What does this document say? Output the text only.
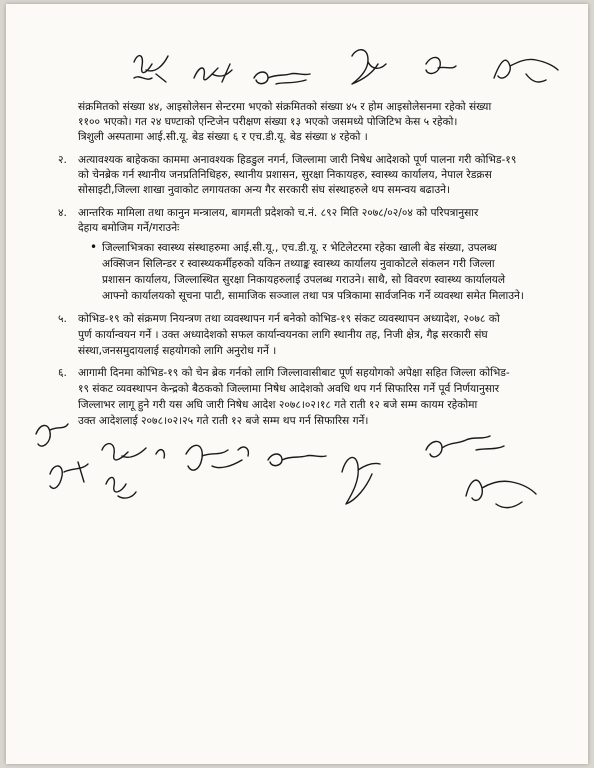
संक्रमितको संख्या ४४, आइसोलेसन सेन्टरमा भएको संक्रमितको संख्या ४५ र होम आइसोलेसनमा रहेको संख्या
११०० भएको। गत २४ घण्टाको एन्टिजेन परीक्षण संख्या १३ भएको जसमध्ये पोजिटिभ केस ५ रहेको।
त्रिशुली अस्पतामा आई.सी.यू. बेड संख्या ६ र एच.डी.यू. बेड संख्या ४ रहेको ।
२. अत्यावश्यक बाहेकका काममा अनावश्यक हिडडुल नगर्न, जिल्लामा जारी निषेध आदेशको पूर्ण पालना गरी कोभिड-१९
को चेनब्रेक गर्न स्थानीय जनप्रतिनिधिहरु, स्थानीय प्रशासन, सुरक्षा निकायहरु, स्वास्थ्य कार्यालय, नेपाल रेडक्रस
सोसाइटी,जिल्ला शाखा नुवाकोट लगायतका अन्य गैर सरकारी संघ संस्थाहरुले थप समन्वय बढाउने।
४. आन्तरिक मामिला तथा कानुन मन्त्रालय, बागमती प्रदेशको च.नं. ८९२ मिति २०७८/०२/०४ को परिपत्रानुसार
देहाय बमोजिम गर्ने/गराउनेः
• जिल्लाभित्रका स्वास्थ्य संस्थाहरुमा आई.सी.यू., एच.डी.यू. र भेटिलेटरमा रहेका खाली बेड संख्या, उपलब्ध
अक्सिजन सिलिन्डर र स्वास्थ्यकर्मीहरुको यकिन तथ्याङ्क स्वास्थ्य कार्यालय नुवाकोटले संकलन गरी जिल्ला
प्रशासन कार्यालय, जिल्लास्थित सुरक्षा निकायहरुलाई उपलब्ध गराउने। साथै, सो विवरण स्वास्थ्य कार्यालयले
आफ्नो कार्यालयको सूचना पाटी, सामाजिक सञ्जाल तथा पत्र पत्रिकामा सार्वजनिक गर्ने व्यवस्था समेत मिलाउने।
५. कोभिड-१९ को संक्रमण नियन्त्रण तथा व्यवस्थापन गर्न बनेको कोभिड-१९ संकट व्यवस्थापन अध्यादेश, २०७८ को
पुर्ण कार्यान्वयन गर्ने । उक्त अध्यादेशको सफल कार्यान्वयनका लागि स्थानीय तह, निजी क्षेत्र, गैह्र सरकारी संघ
संस्था,जनसमुदायलाई सहयोगको लागि अनुरोध गर्ने ।
६. आगामी दिनमा कोभिड-१९ को चेन ब्रेक गर्नको लागि जिल्लावासीबाट पूर्ण सहयोगको अपेक्षा सहित जिल्ला कोभिड-
१९ संकट व्यवस्थापन केन्द्रको बैठकको जिल्लामा निषेध आदेशको अवधि थप गर्न सिफारिस गर्ने पूर्व निर्णयानुसार
जिल्लाभर लागू हुने गरी यस अघि जारी निषेध आदेश २०७८।०२।१८ गते राती १२ बजे सम्म कायम रहेकोमा
उक्त आदेशलाई २०७८।०२।२५ गते राती १२ बजे सम्म थप गर्न सिफारिस गर्ने।
